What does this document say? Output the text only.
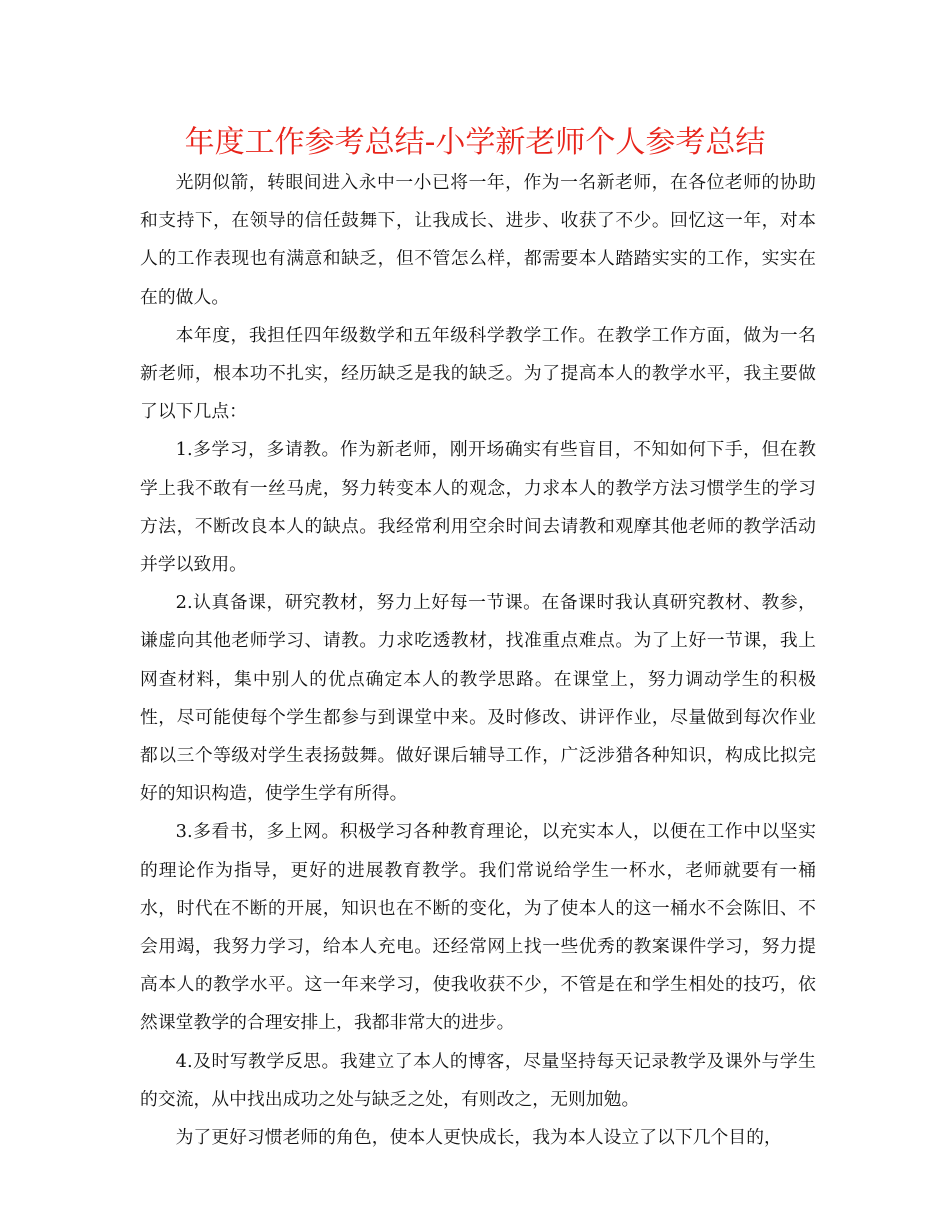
年度工作参考总结-小学新老师个人参考总结

光阴似箭，转眼间进入永中一小已将一年，作为一名新老师，在各位老师的协助和支持下，在领导的信任鼓舞下，让我成长、进步、收获了不少。回忆这一年，对本人的工作表现也有满意和缺乏，但不管怎么样，都需要本人踏踏实实的工作，实实在在的做人。

本年度，我担任四年级数学和五年级科学教学工作。在教学工作方面，做为一名新老师，根本功不扎实，经历缺乏是我的缺乏。为了提高本人的教学水平，我主要做了以下几点：

1.多学习，多请教。作为新老师，刚开场确实有些盲目，不知如何下手，但在教学上我不敢有一丝马虎，努力转变本人的观念，力求本人的教学方法习惯学生的学习方法，不断改良本人的缺点。我经常利用空余时间去请教和观摩其他老师的教学活动并学以致用。

2.认真备课，研究教材，努力上好每一节课。在备课时我认真研究教材、教参，谦虚向其他老师学习、请教。力求吃透教材，找准重点难点。为了上好一节课，我上网查材料，集中别人的优点确定本人的教学思路。在课堂上，努力调动学生的积极性，尽可能使每个学生都参与到课堂中来。及时修改、讲评作业，尽量做到每次作业都以三个等级对学生表扬鼓舞。做好课后辅导工作，广泛涉猎各种知识，构成比拟完好的知识构造，使学生学有所得。

3.多看书，多上网。积极学习各种教育理论，以充实本人，以便在工作中以坚实的理论作为指导，更好的进展教育教学。我们常说给学生一杯水，老师就要有一桶水，时代在不断的开展，知识也在不断的变化，为了使本人的这一桶水不会陈旧、不会用竭，我努力学习，给本人充电。还经常网上找一些优秀的教案课件学习，努力提高本人的教学水平。这一年来学习，使我收获不少，不管是在和学生相处的技巧，依然课堂教学的合理安排上，我都非常大的进步。

4.及时写教学反思。我建立了本人的博客，尽量坚持每天记录教学及课外与学生的交流，从中找出成功之处与缺乏之处，有则改之，无则加勉。

为了更好习惯老师的角色，使本人更快成长，我为本人设立了以下几个目的，
